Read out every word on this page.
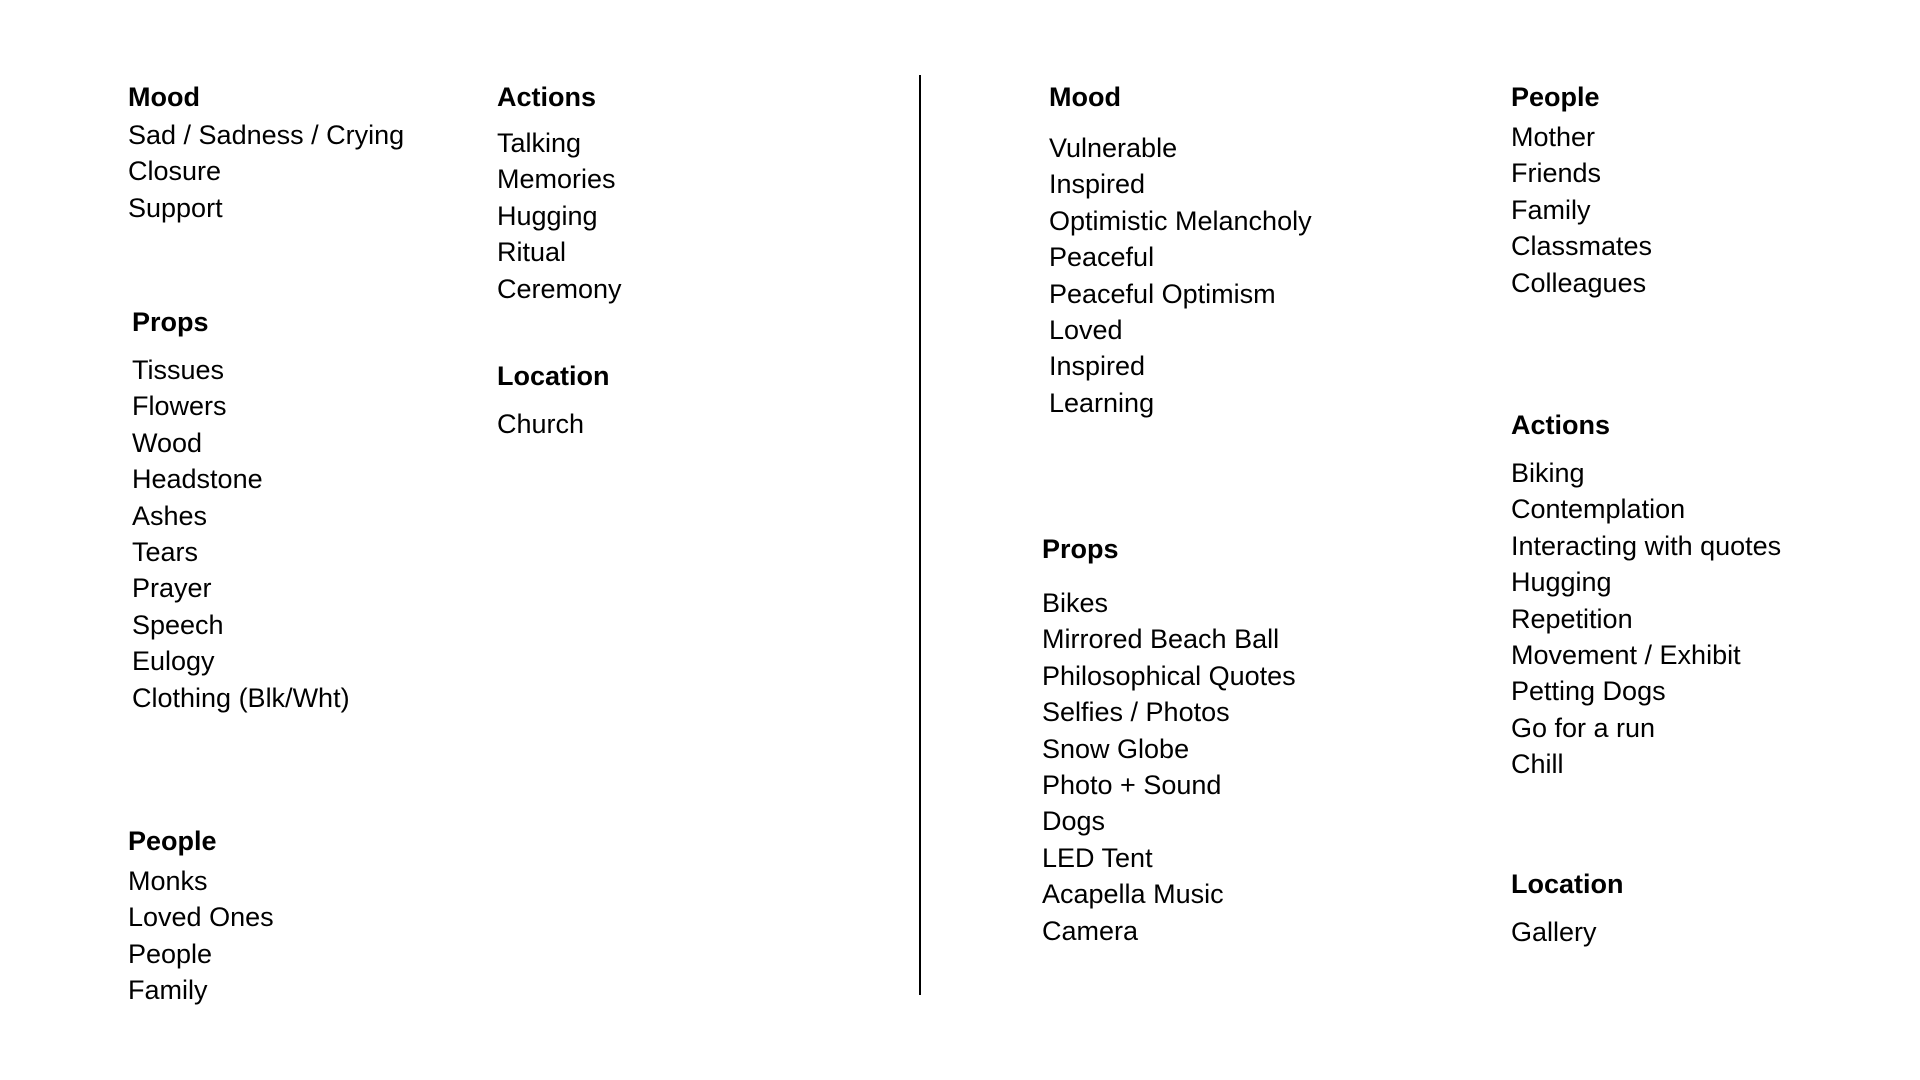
Mood
Sad / Sadness / Crying
Closure
Support
Props
Tissues
Flowers
Wood
Headstone
Ashes
Tears
Prayer
Speech
Eulogy
Clothing (Blk/Wht)
People
Monks
Loved Ones
People
Family
Actions
Talking
Memories
Hugging
Ritual
Ceremony
Location
Church
Mood
Vulnerable
Inspired
Optimistic Melancholy
Peaceful
Peaceful Optimism
Loved
Inspired
Learning
Props
Bikes
Mirrored Beach Ball
Philosophical Quotes
Selfies / Photos
Snow Globe
Photo + Sound
Dogs
LED Tent
Acapella Music
Camera
People
Mother
Friends
Family
Classmates
Colleagues
Actions
Biking
Contemplation
Interacting with quotes
Hugging
Repetition
Movement / Exhibit
Petting Dogs
Go for a run
Chill
Location
Gallery
